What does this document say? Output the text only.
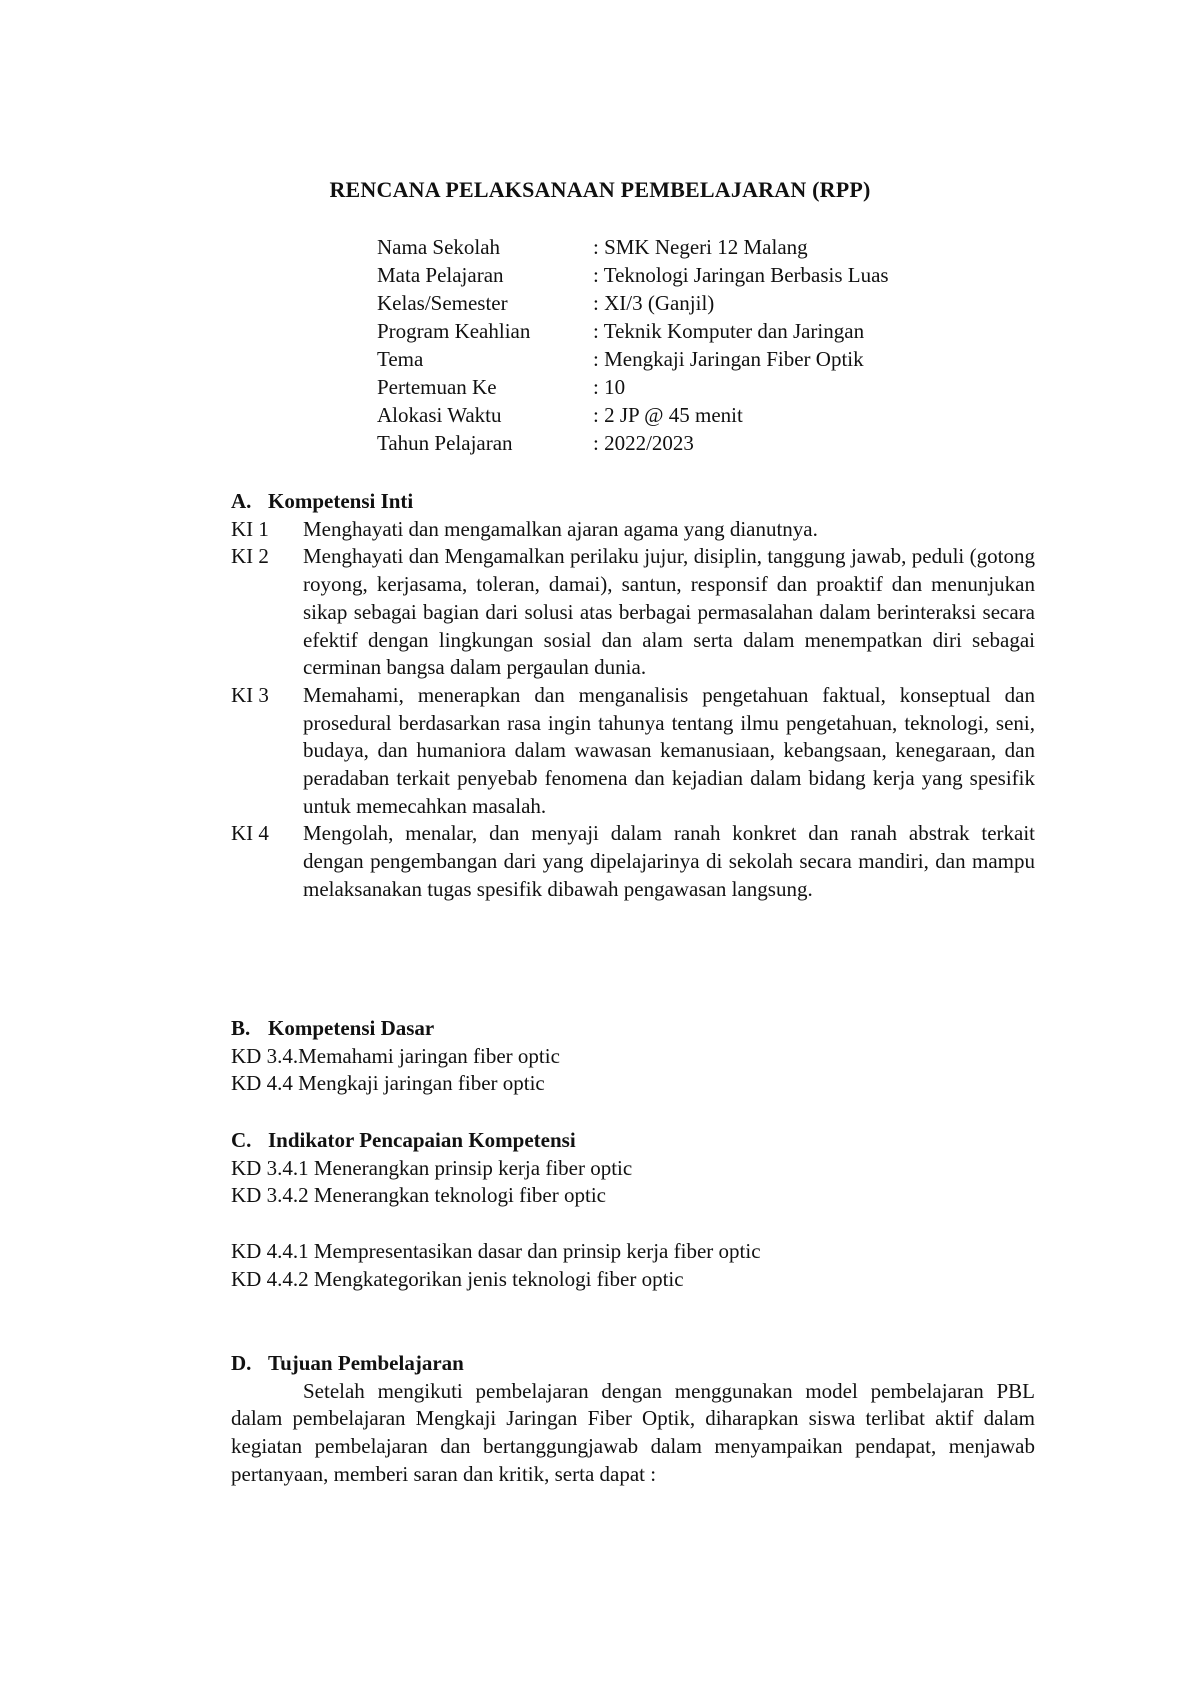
RENCANA PELAKSANAAN PEMBELAJARAN (RPP)
Nama Sekolah	: SMK Negeri 12 Malang
Mata Pelajaran	: Teknologi Jaringan Berbasis Luas
Kelas/Semester	: XI/3 (Ganjil)
Program Keahlian	: Teknik Komputer dan Jaringan
Tema	: Mengkaji Jaringan Fiber Optik
Pertemuan Ke	: 10
Alokasi Waktu	: 2 JP @ 45 menit
Tahun Pelajaran	: 2022/2023
A. Kompetensi Inti
KI 1	Menghayati dan mengamalkan ajaran agama yang dianutnya.
KI 2	Menghayati dan Mengamalkan perilaku jujur, disiplin, tanggung jawab, peduli (gotong royong, kerjasama, toleran, damai), santun, responsif dan proaktif dan menunjukan sikap sebagai bagian dari solusi atas berbagai permasalahan dalam berinteraksi secara efektif dengan lingkungan sosial dan alam serta dalam menempatkan diri sebagai cerminan bangsa dalam pergaulan dunia.
KI 3	Memahami, menerapkan dan menganalisis pengetahuan faktual, konseptual dan prosedural berdasarkan rasa ingin tahunya tentang ilmu pengetahuan, teknologi, seni, budaya, dan humaniora dalam wawasan kemanusiaan, kebangsaan, kenegaraan, dan peradaban terkait penyebab fenomena dan kejadian dalam bidang kerja yang spesifik untuk memecahkan masalah.
KI 4	Mengolah, menalar, dan menyaji dalam ranah konkret dan ranah abstrak terkait dengan pengembangan dari yang dipelajarinya di sekolah secara mandiri, dan mampu melaksanakan tugas spesifik dibawah pengawasan langsung.
B. Kompetensi Dasar
KD 3.4.Memahami jaringan fiber optic
KD 4.4 Mengkaji jaringan fiber optic
C. Indikator Pencapaian Kompetensi
KD 3.4.1 Menerangkan prinsip kerja fiber optic
KD 3.4.2 Menerangkan teknologi fiber optic
KD 4.4.1 Mempresentasikan dasar dan prinsip kerja fiber optic
KD 4.4.2 Mengkategorikan jenis teknologi fiber optic
D. Tujuan Pembelajaran
Setelah mengikuti pembelajaran dengan menggunakan model pembelajaran PBL dalam pembelajaran Mengkaji Jaringan Fiber Optik, diharapkan siswa terlibat aktif dalam kegiatan pembelajaran dan bertanggungjawab dalam menyampaikan pendapat, menjawab pertanyaan, memberi saran dan kritik, serta dapat :
